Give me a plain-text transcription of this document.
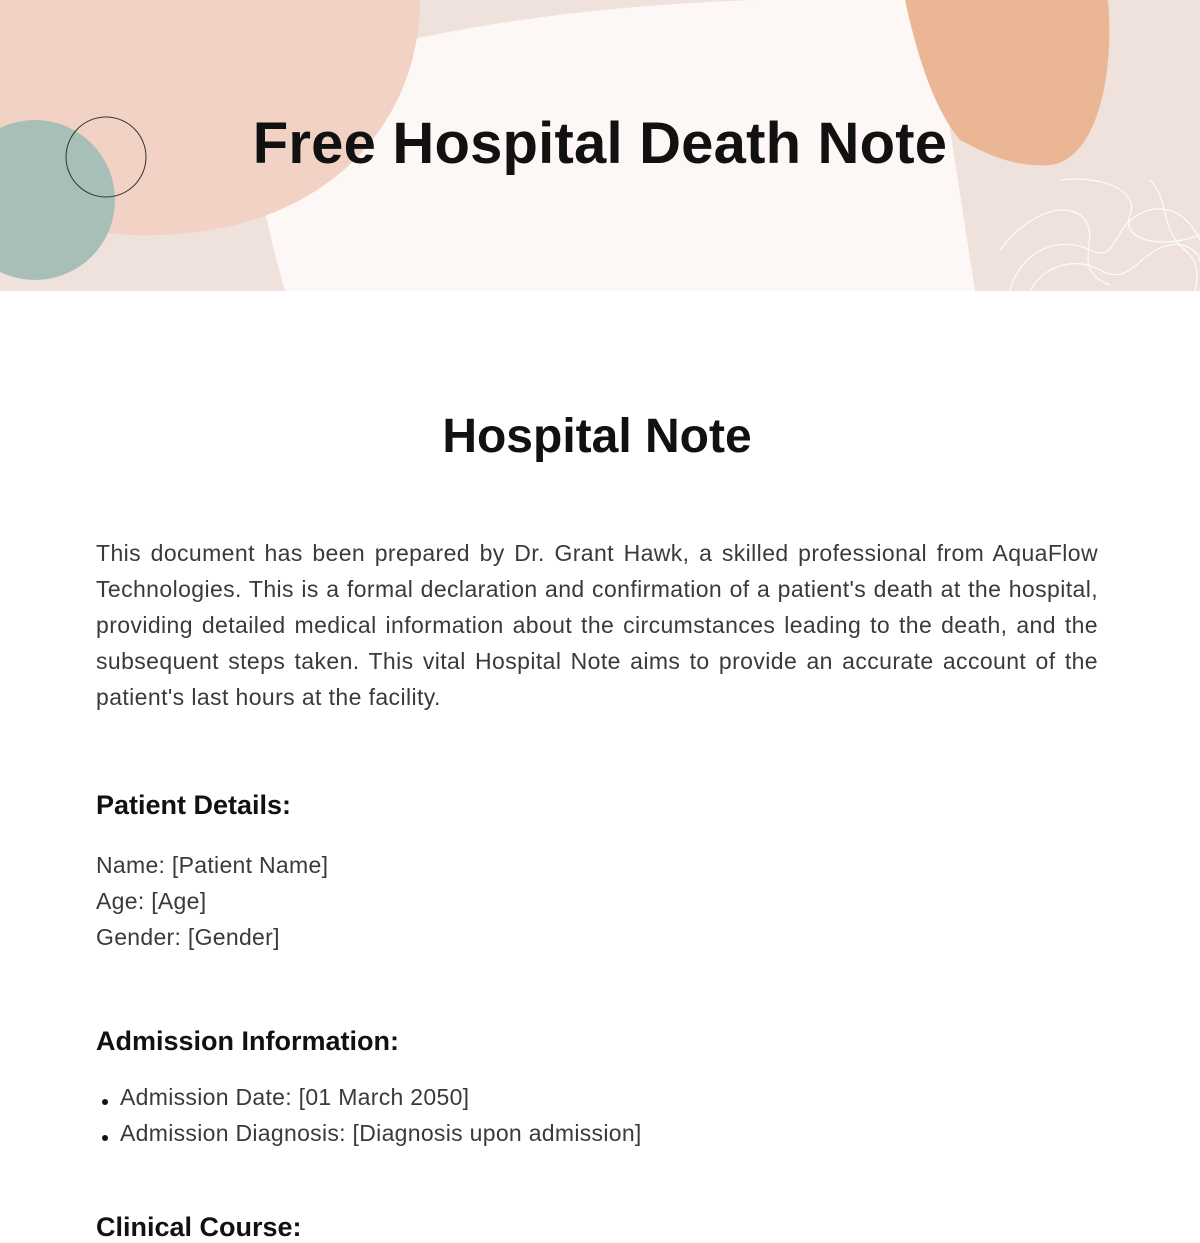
Free Hospital Death Note
Hospital Note

This document has been prepared by Dr. Grant Hawk, a skilled professional from AquaFlow Technologies. This is a formal declaration and confirmation of a patient's death at the hospital, providing detailed medical information about the circumstances leading to the death, and the subsequent steps taken. This vital Hospital Note aims to provide an accurate account of the patient's last hours at the facility.

Patient Details:
Name: [Patient Name]
Age: [Age]
Gender: [Gender]
Admission Information:
Admission Date: [01 March 2050]
Admission Diagnosis: [Diagnosis upon admission]
Clinical Course:
